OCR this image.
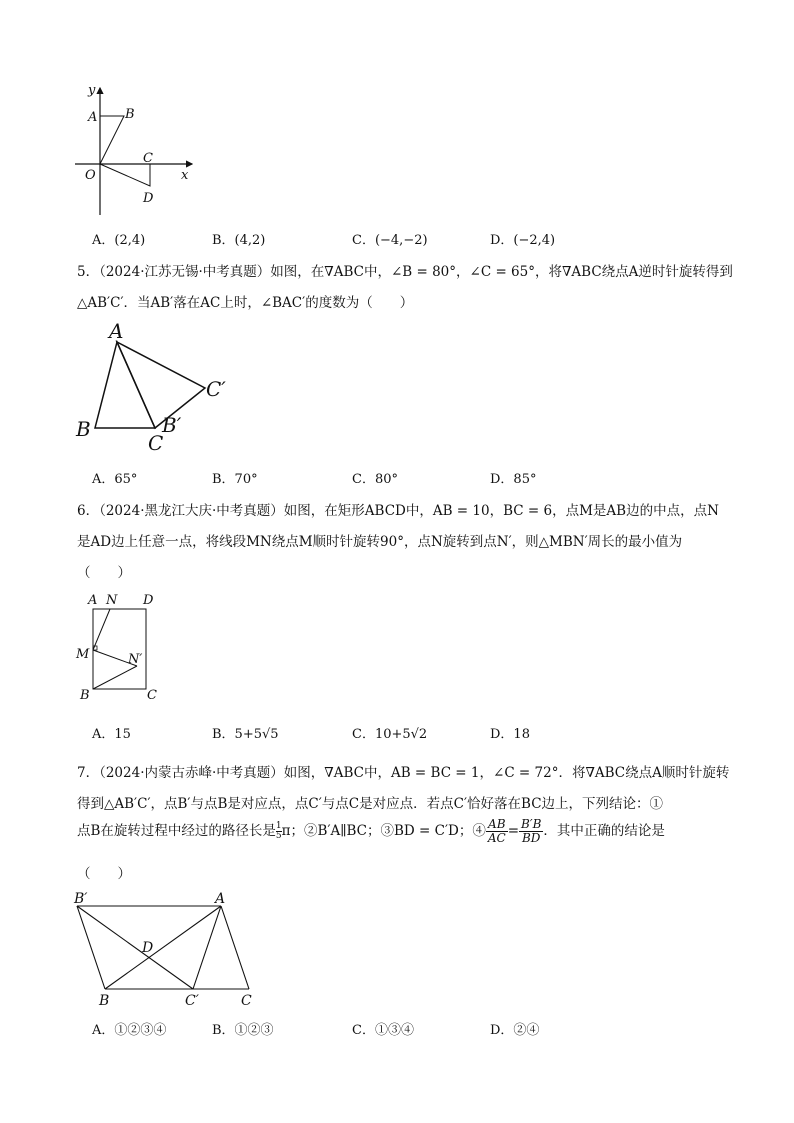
y
A B
O
C
x
D
A．(2,4)	B．(4,2)	C．(−4,−2)	D．(−2,4)
5．（2024·江苏无锡·中考真题）如图，在∇ABC中，∠B = 80°，∠C = 65°，将∇ABC绕点A逆时针旋转得到
△AB′C′．当AB′落在AC上时，∠BAC′的度数为（　　）
A
B
C
B′
C′
A．65°	B．70°	C．80°	D．85°
6．（2024·黑龙江大庆·中考真题）如图，在矩形ABCD中，AB = 10，BC = 6，点M是AB边的中点，点N
是AD边上任意一点，将线段MN绕点M顺时针旋转90°，点N旋转到点N′，则△MBN′周长的最小值为
（　　）
A N D
M	N′
B	C
A．15	B．5+5√5	C．10+5√2	D．18
7．（2024·内蒙古赤峰·中考真题）如图，∇ABC中，AB = BC = 1，∠C = 72°．将∇ABC绕点A顺时针旋转
得到△AB′C′，点B′与点B是对应点，点C′与点C是对应点．若点C′恰好落在BC边上，下列结论：①
点B在旋转过程中经过的路径长是 $\frac{1}{5}\pi$；②B′A∥BC；③BD = C′D；④ $\frac{AB}{AC} = \frac{B'B}{BD}$ ．其中正确的结论是
（　　）
B′	A
D
B	C′	C
A．①②③④	B．①②③	C．①③④	D．②④
